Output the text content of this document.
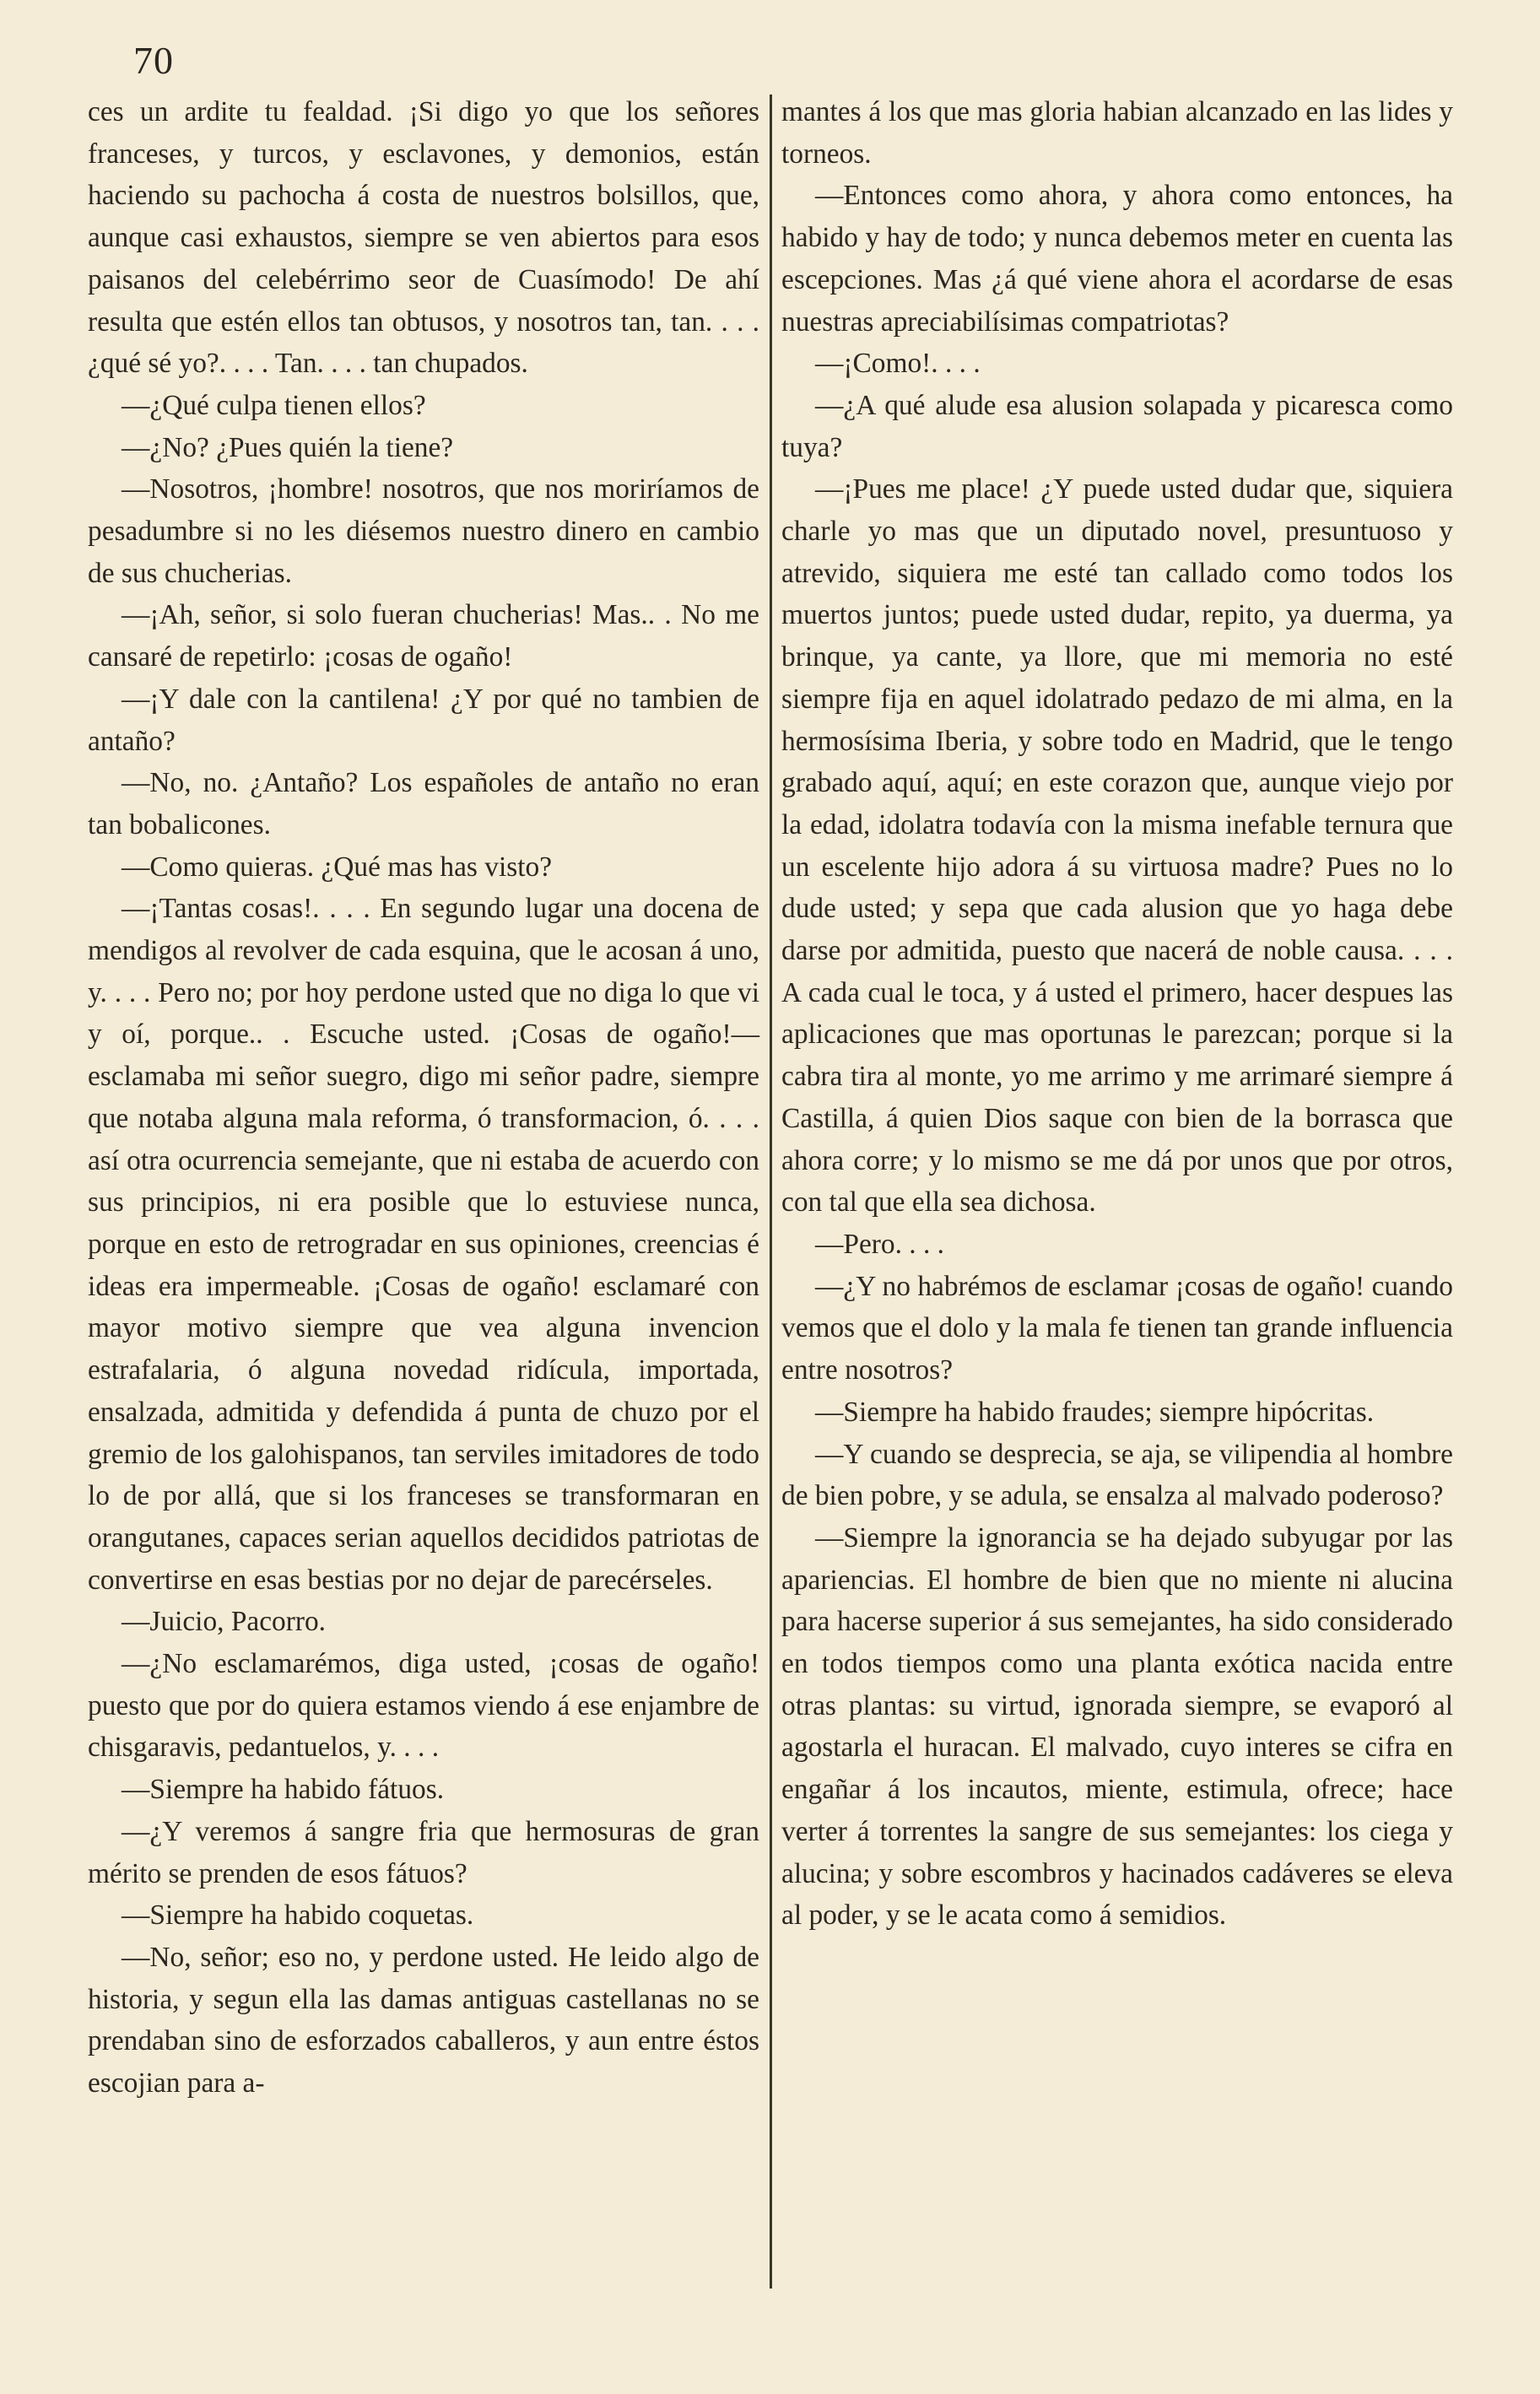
70

ces un ardite tu fealdad. ¡Si digo yo que los señores franceses, y turcos, y esclavones, y demonios, están haciendo su pachocha á costa de nuestros bolsillos, que, aunque casi exhaustos, siempre se ven abiertos para esos paisanos del celebérrimo seor de Cuasímodo! De ahí resulta que estén ellos tan obtusos, y nosotros tan, tan. . . . ¿qué sé yo?. . . . Tan. . . . tan chupados.

—¿Qué culpa tienen ellos?

—¿No? ¿Pues quién la tiene?

—Nosotros, ¡hombre! nosotros, que nos moriríamos de pesadumbre si no les diésemos nuestro dinero en cambio de sus chucherias.

—¡Ah, señor, si solo fueran chucherias! Mas.. . No me cansaré de repetirlo: ¡cosas de ogaño!

—¡Y dale con la cantilena! ¿Y por qué no tambien de antaño?

—No, no. ¿Antaño? Los españoles de antaño no eran tan bobalicones.

—Como quieras. ¿Qué mas has visto?

—¡Tantas cosas!. . . . En segundo lugar una docena de mendigos al revolver de cada esquina, que le acosan á uno, y. . . . Pero no; por hoy perdone usted que no diga lo que vi y oí, porque.. . Escuche usted. ¡Cosas de ogaño!—esclamaba mi señor suegro, digo mi señor padre, siempre que notaba alguna mala reforma, ó transformacion, ó. . . . así otra ocurrencia semejante, que ni estaba de acuerdo con sus principios, ni era posible que lo estuviese nunca, porque en esto de retrogradar en sus opiniones, creencias é ideas era impermeable. ¡Cosas de ogaño! esclamaré con mayor motivo siempre que vea alguna invencion estrafalaria, ó alguna novedad ridícula, importada, ensalzada, admitida y defendida á punta de chuzo por el gremio de los galohispanos, tan serviles imitadores de todo lo de por allá, que si los franceses se transformaran en orangutanes, capaces serian aquellos decididos patriotas de convertirse en esas bestias por no dejar de parecérseles.

—Juicio, Pacorro.

—¿No esclamarémos, diga usted, ¡cosas de ogaño! puesto que por do quiera estamos viendo á ese enjambre de chisgaravis, pedantuelos, y. . . .

—Siempre ha habido fátuos.

—¿Y veremos á sangre fria que hermosuras de gran mérito se prenden de esos fátuos?

—Siempre ha habido coquetas.

—No, señor; eso no, y perdone usted. He leido algo de historia, y segun ella las damas antiguas castellanas no se prendaban sino de esforzados caballeros, y aun entre éstos escojian para a-

mantes á los que mas gloria habian alcanzado en las lides y torneos.

—Entonces como ahora, y ahora como entonces, ha habido y hay de todo; y nunca debemos meter en cuenta las escepciones. Mas ¿á qué viene ahora el acordarse de esas nuestras apreciabilísimas compatriotas?

—¡Como!. . . .

—¿A qué alude esa alusion solapada y picaresca como tuya?

—¡Pues me place! ¿Y puede usted dudar que, siquiera charle yo mas que un diputado novel, presuntuoso y atrevido, siquiera me esté tan callado como todos los muertos juntos; puede usted dudar, repito, ya duerma, ya brinque, ya cante, ya llore, que mi memoria no esté siempre fija en aquel idolatrado pedazo de mi alma, en la hermosísima Iberia, y sobre todo en Madrid, que le tengo grabado aquí, aquí; en este corazon que, aunque viejo por la edad, idolatra todavía con la misma inefable ternura que un escelente hijo adora á su virtuosa madre? Pues no lo dude usted; y sepa que cada alusion que yo haga debe darse por admitida, puesto que nacerá de noble causa. . . . A cada cual le toca, y á usted el primero, hacer despues las aplicaciones que mas oportunas le parezcan; porque si la cabra tira al monte, yo me arrimo y me arrimaré siempre á Castilla, á quien Dios saque con bien de la borrasca que ahora corre; y lo mismo se me dá por unos que por otros, con tal que ella sea dichosa.

—Pero. . . .

—¿Y no habrémos de esclamar ¡cosas de ogaño! cuando vemos que el dolo y la mala fe tienen tan grande influencia entre nosotros?

—Siempre ha habido fraudes; siempre hipócritas.

—Y cuando se desprecia, se aja, se vilipendia al hombre de bien pobre, y se adula, se ensalza al malvado poderoso?

—Siempre la ignorancia se ha dejado subyugar por las apariencias. El hombre de bien que no miente ni alucina para hacerse superior á sus semejantes, ha sido considerado en todos tiempos como una planta exótica nacida entre otras plantas: su virtud, ignorada siempre, se evaporó al agostarla el huracan. El malvado, cuyo interes se cifra en engañar á los incautos, miente, estimula, ofrece; hace verter á torrentes la sangre de sus semejantes: los ciega y alucina; y sobre escombros y hacinados cadáveres se eleva al poder, y se le acata como á semidios.
